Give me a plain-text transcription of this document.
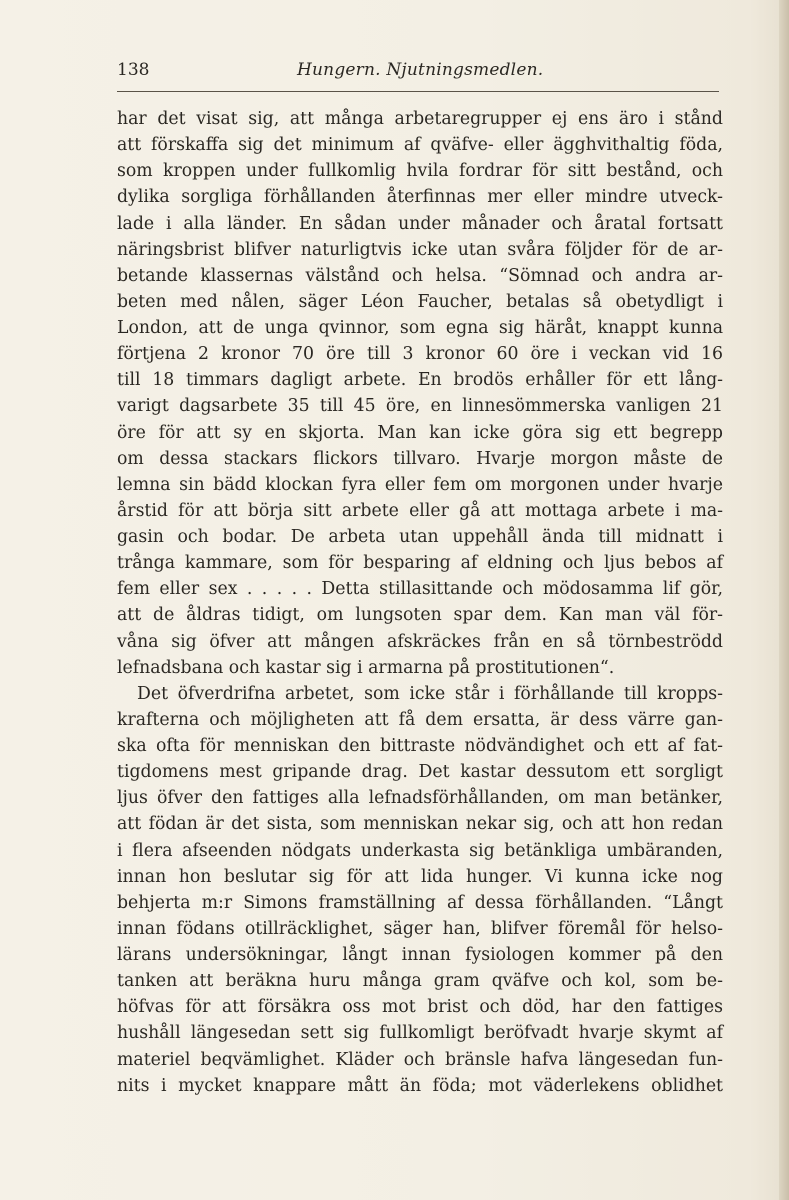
138	Hungern. Njutningsmedlen.
har det visat sig, att många arbetaregrupper ej ens äro i stånd
att förskaffa sig det minimum af qväfve- eller ägghvithaltig föda,
som kroppen under fullkomlig hvila fordrar för sitt bestånd, och
dylika sorgliga förhållanden återfinnas mer eller mindre utveck-
lade i alla länder. En sådan under månader och åratal fortsatt
näringsbrist blifver naturligtvis icke utan svåra följder för de ar-
betande klassernas välstånd och helsa. “Sömnad och andra ar-
beten med nålen, säger Léon Faucher, betalas så obetydligt i
London, att de unga qvinnor, som egna sig häråt, knappt kunna
förtjena 2 kronor 70 öre till 3 kronor 60 öre i veckan vid 16
till 18 timmars dagligt arbete. En brodös erhåller för ett lång-
varigt dagsarbete 35 till 45 öre, en linnesömmerska vanligen 21
öre för att sy en skjorta. Man kan icke göra sig ett begrepp
om dessa stackars flickors tillvaro. Hvarje morgon måste de
lemna sin bädd klockan fyra eller fem om morgonen under hvarje
årstid för att börja sitt arbete eller gå att mottaga arbete i ma-
gasin och bodar. De arbeta utan uppehåll ända till midnatt i
trånga kammare, som för besparing af eldning och ljus bebos af
fem eller sex . . . . . Detta stillasittande och mödosamma lif gör,
att de åldras tidigt, om lungsoten spar dem. Kan man väl för-
våna sig öfver att mången afskräckes från en så törnbeströdd
lefnadsbana och kastar sig i armarna på prostitutionen“.
Det öfverdrifna arbetet, som icke står i förhållande till kropps-
krafterna och möjligheten att få dem ersatta, är dess värre gan-
ska ofta för menniskan den bittraste nödvändighet och ett af fat-
tigdomens mest gripande drag. Det kastar dessutom ett sorgligt
ljus öfver den fattiges alla lefnadsförhållanden, om man betänker,
att födan är det sista, som menniskan nekar sig, och att hon redan
i flera afseenden nödgats underkasta sig betänkliga umbäranden,
innan hon beslutar sig för att lida hunger. Vi kunna icke nog
behjerta m:r Simons framställning af dessa förhållanden. “Långt
innan födans otillräcklighet, säger han, blifver föremål för helso-
lärans undersökningar, långt innan fysiologen kommer på den
tanken att beräkna huru många gram qväfve och kol, som be-
höfvas för att försäkra oss mot brist och död, har den fattiges
hushåll längesedan sett sig fullkomligt beröfvadt hvarje skymt af
materiel beqvämlighet. Kläder och bränsle hafva längesedan fun-
nits i mycket knappare mått än föda; mot väderlekens oblidhet
